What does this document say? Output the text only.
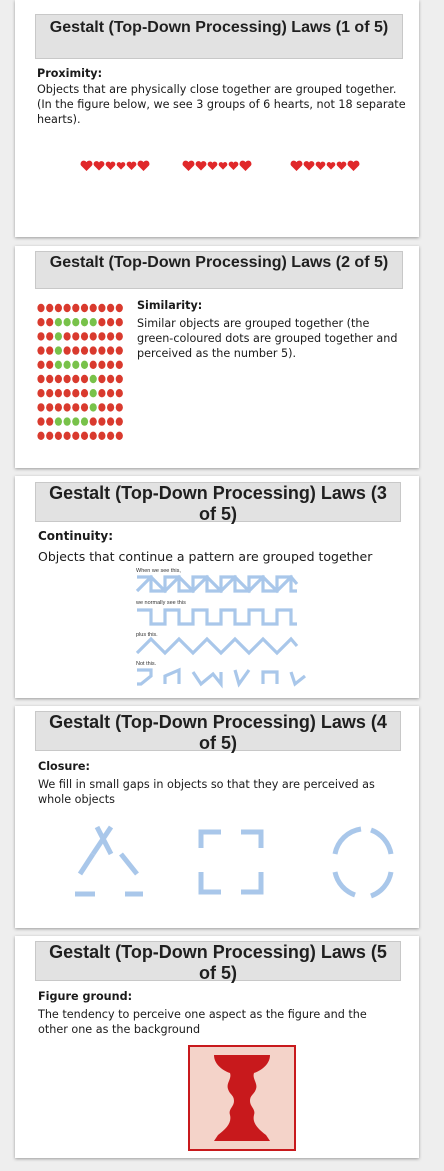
Gestalt (Top-Down Processing) Laws (1 of 5)
Proximity:
Objects that are physically close together are grouped together. (In the figure below, we see 3 groups of 6 hearts, not 18 separate hearts).
Gestalt (Top-Down Processing) Laws (2 of 5)
Similarity:
Similar objects are grouped together (the green-coloured dots are grouped together and perceived as the number 5).
Gestalt (Top-Down Processing) Laws (3 of 5)
Continuity:
Objects that continue a pattern are grouped together
When we see this,
we normally see this
plus this.
Not this.
Gestalt (Top-Down Processing) Laws (4 of 5)
Closure:
We fill in small gaps in objects so that they are perceived as whole objects
Gestalt (Top-Down Processing) Laws (5 of 5)
Figure ground:
The tendency to perceive one aspect as the figure and the other one as the background
